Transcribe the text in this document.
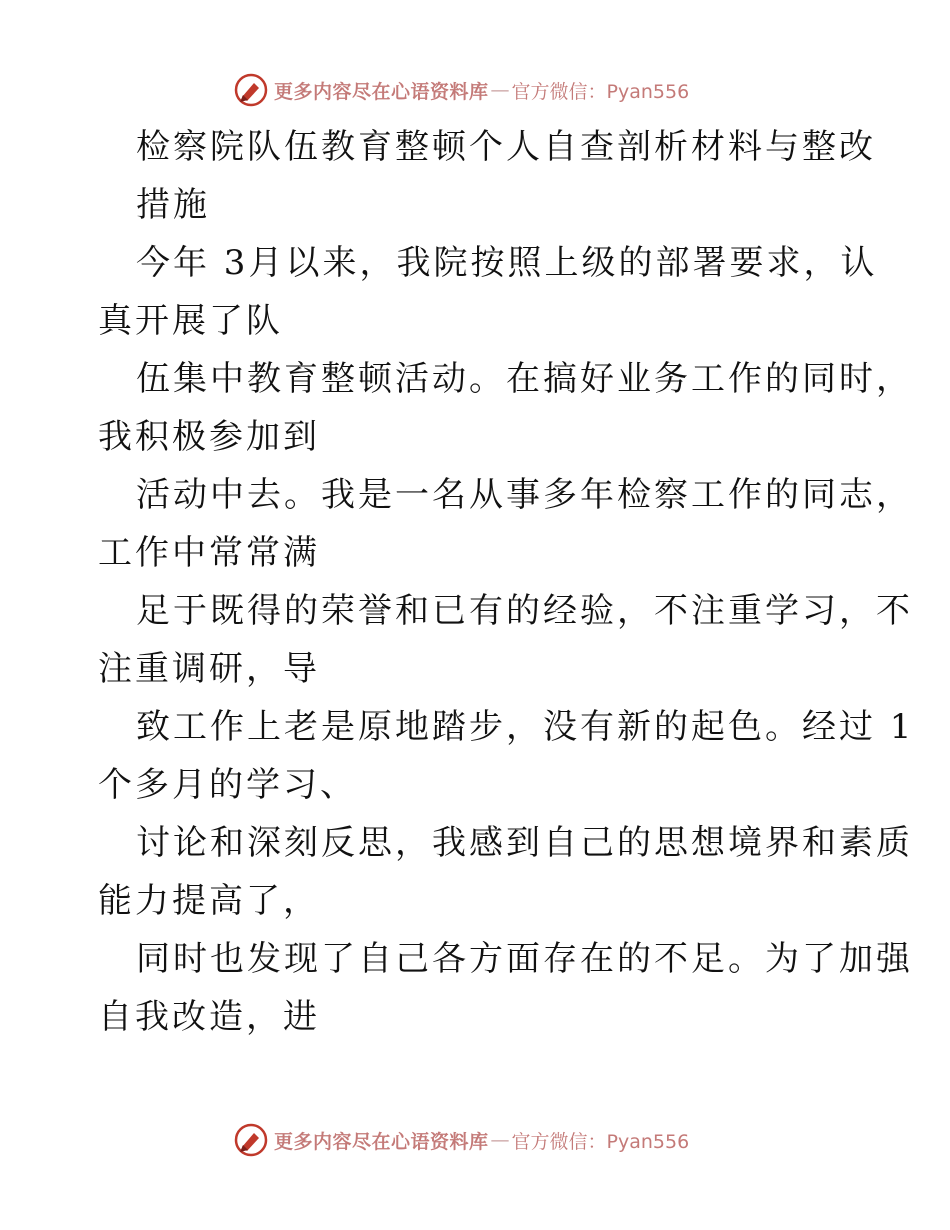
更多内容尽在心语资料库 — 官方微信：Pyan556
检察院队伍教育整顿个人自查剖析材料与整改
措施
今年 3月以来，我院按照上级的部署要求，认
真开展了队
伍集中教育整顿活动。在搞好业务工作的同时，
我积极参加到
活动中去。我是一名从事多年检察工作的同志，
工作中常常满
足于既得的荣誉和已有的经验，不注重学习，不
注重调研，导
致工作上老是原地踏步，没有新的起色。经过 1
个多月的学习、
讨论和深刻反思，我感到自己的思想境界和素质
能力提高了，
同时也发现了自己各方面存在的不足。为了加强
自我改造，进
更多内容尽在心语资料库 — 官方微信：Pyan556
